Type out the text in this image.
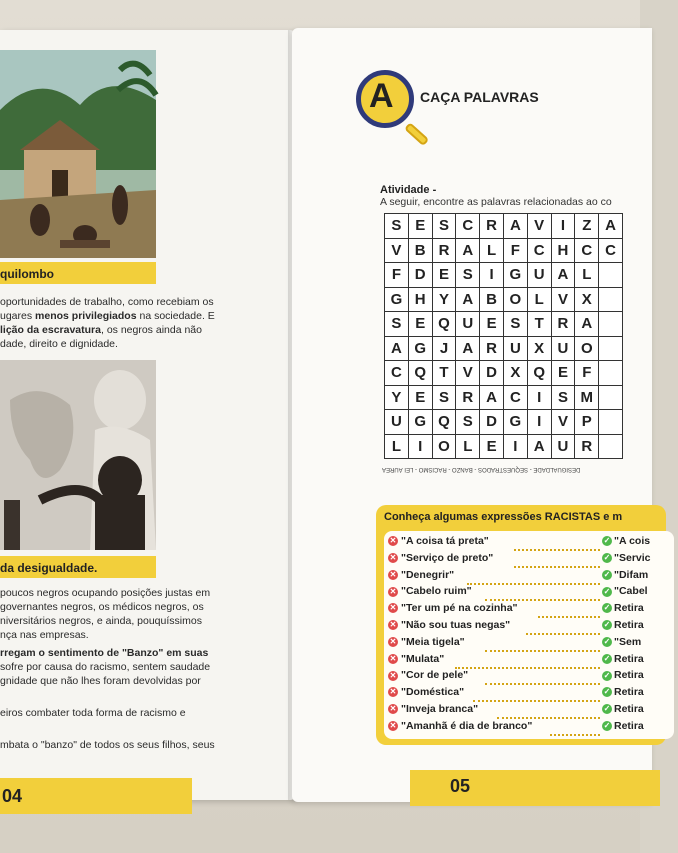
quilombo
oportunidades de trabalho, como recebiam os
ugares menos privilegiados na sociedade. E
lição da escravatura, os negros ainda não
dade, direito e dignidade.
da desigualdade.
poucos negros ocupando posições justas em
governantes negros, os médicos negros, os
niversitários negros, e ainda, pouquíssimos
nça nas empresas.
rregam o sentimento de "Banzo" em suas
sofre por causa do racismo, sentem saudade
gnidade que não lhes foram devolvidas por
eiros combater toda forma de racismo e
mbata o "banzo" de todos os seus filhos, seus
04
A CAÇA PALAVRAS
Atividade -
A seguir, encontre as palavras relacionadas ao co
S	E	S	C	R	A	V	I	Z	A
V	B	R	A	L	F	C	H	C	C
F	D	E	S	I	G	U	A	L	
G	H	Y	A	B	O	L	V	X	
S	E	Q	U	E	S	T	R	A	
A	G	J	A	R	U	X	U	O	
C	Q	T	V	D	X	Q	E	F	
Y	E	S	R	A	C	I	S	M	
U	G	Q	S	D	G	I	V	P	
L	I	O	L	E	I	A	U	R	
DESIGUALDADE - SEQUESTRADOS - BANZO - RACISMO - LEI ÁUREA
Conheça algumas expressões RACISTAS e m
✕ "A coisa tá preta"	✓ "A cois
✕ "Serviço de preto"	✓ "Servic
✕ "Denegrir"	✓ "Difam
✕ "Cabelo ruim"	✓ "Cabel
✕ "Ter um pé na cozinha"	✓ Retira
✕ "Não sou tuas negas"	✓ Retira
✕ "Meia tigela"	✓ "Sem
✕ "Mulata"	✓ Retira
✕ "Cor de pele"	✓ Retira
✕ "Doméstica"	✓ Retira
✕ "Inveja branca"	✓ Retira
✕ "Amanhã é dia de branco"	✓ Retira
05
